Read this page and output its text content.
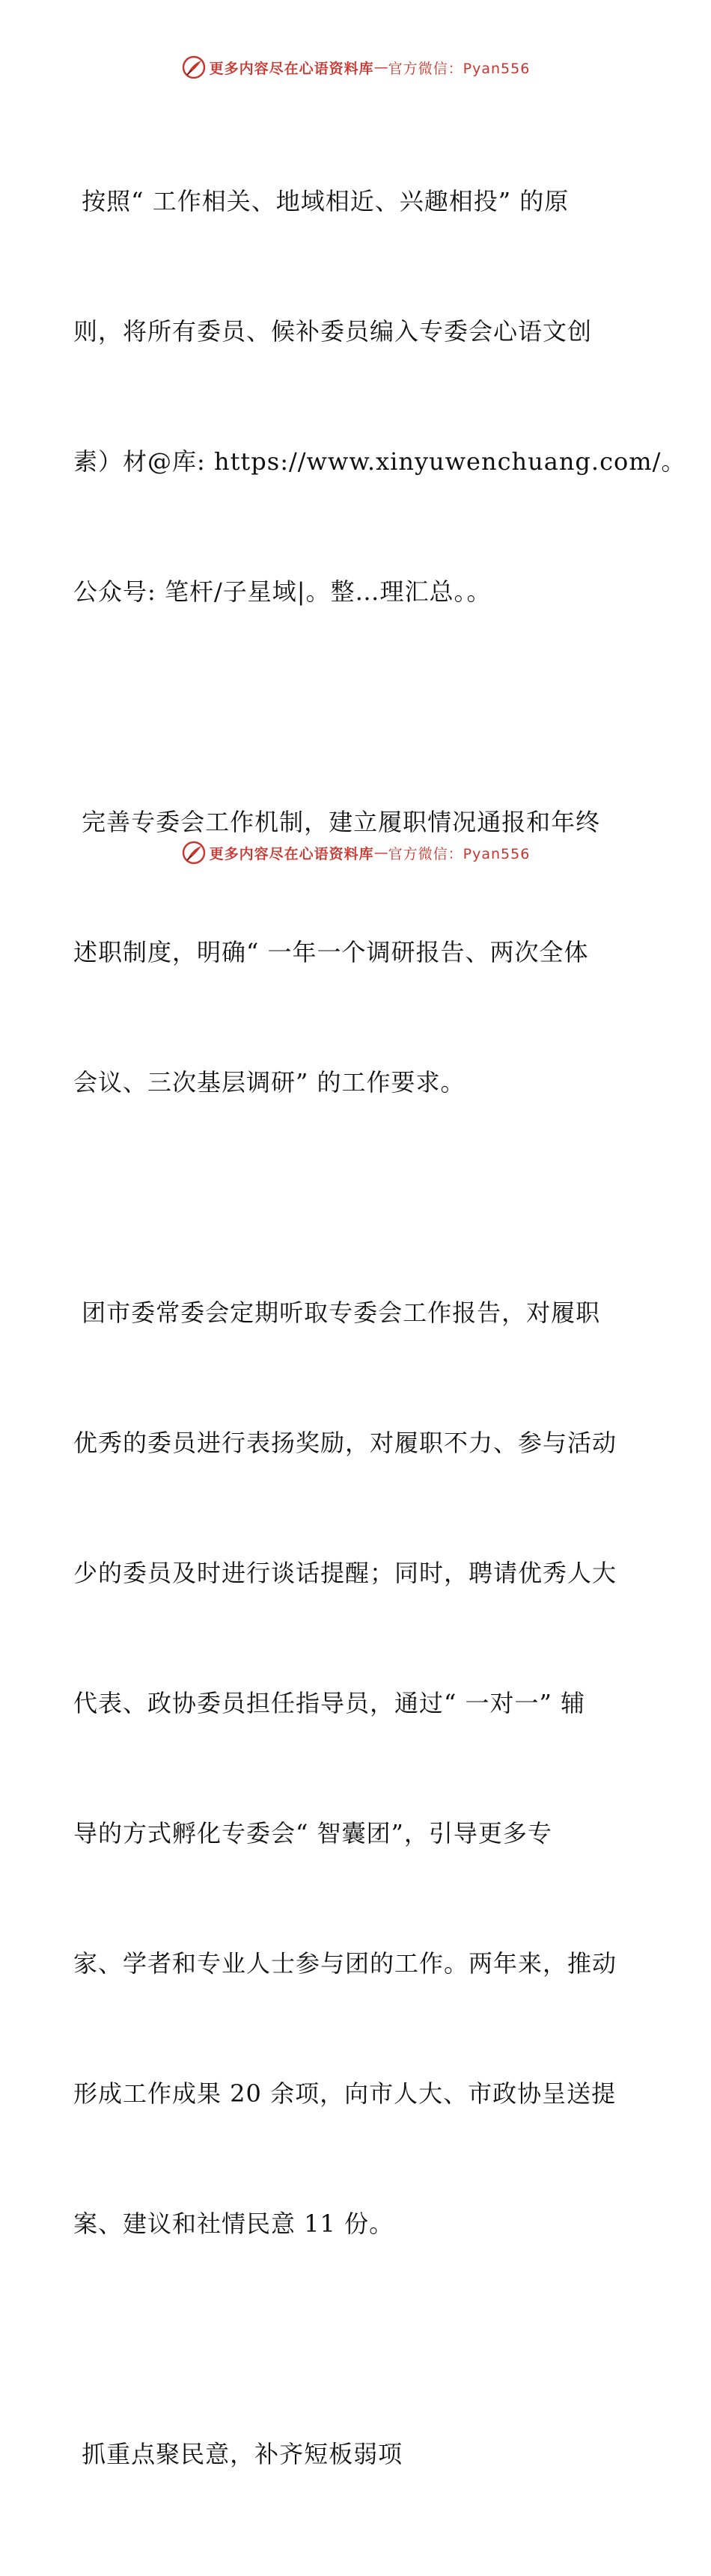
更多内容尽在心语资料库 — 官方微信：Pyan556

按照“ 工作相关、地域相近、兴趣相投” 的原

则，将所有委员、候补委员编入专委会心语文创

素）材@库: https://www.xinyuwenchuang.com/。

公众号: 笔杆/子星域|。整…理汇总。。

完善专委会工作机制，建立履职情况通报和年终

述职制度，明确“ 一年一个调研报告、两次全体

会议、三次基层调研” 的工作要求。

团市委常委会定期听取专委会工作报告，对履职

优秀的委员进行表扬奖励，对履职不力、参与活动

少的委员及时进行谈话提醒；同时，聘请优秀人大

代表、政协委员担任指导员，通过“ 一对一” 辅

导的方式孵化专委会“ 智囊团”，引导更多专

家、学者和专业人士参与团的工作。两年来，推动

形成工作成果 20 余项，向市人大、市政协呈送提

案、建议和社情民意 11 份。

抓重点聚民意，补齐短板弱项

更多内容尽在心语资料库 — 官方微信：Pyan556
